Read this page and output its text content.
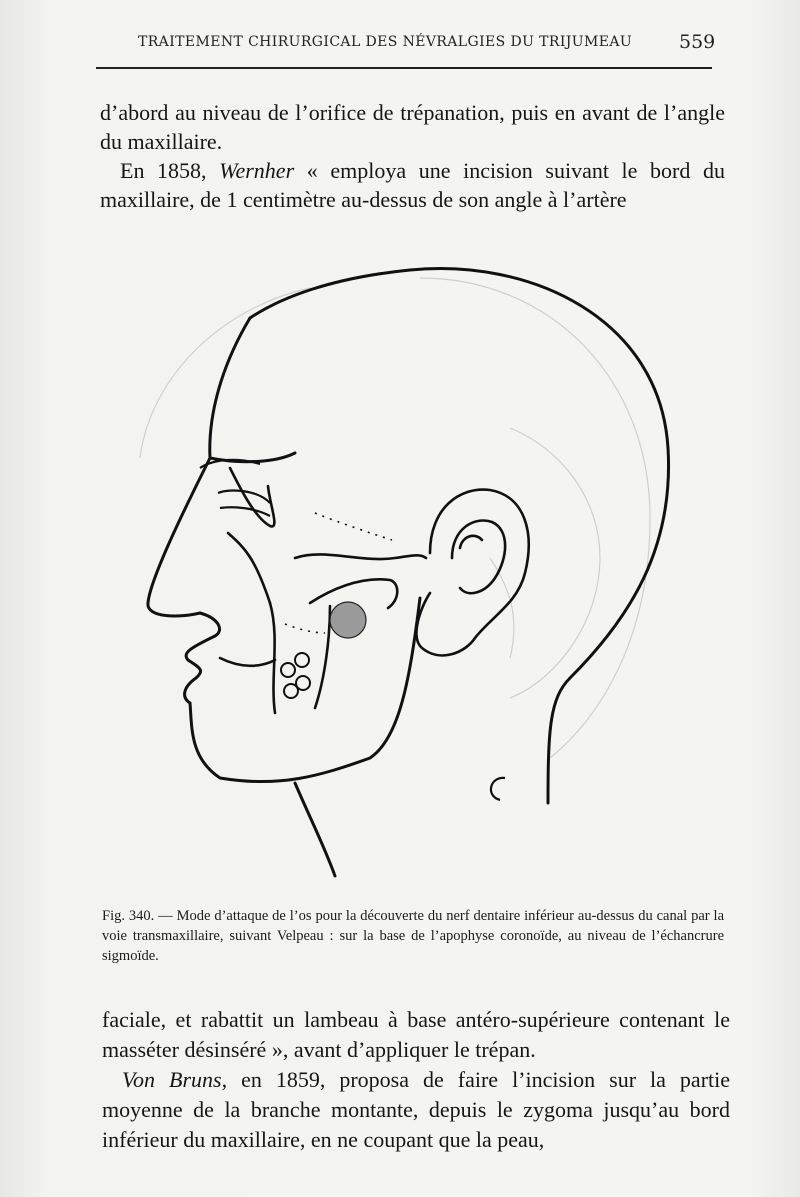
TRAITEMENT CHIRURGICAL DES NÉVRALGIES DU TRIJUMEAU 559

d’abord au niveau de l’orifice de trépanation, puis en avant de l’angle du maxillaire.

En 1858, Wernher « employa une incision suivant le bord du maxillaire, de 1 centimètre au-dessus de son angle à l’artère

Fig. 340. — Mode d’attaque de l’os pour la découverte du nerf dentaire inférieur au-dessus du canal par la voie transmaxillaire, suivant Velpeau : sur la base de l’apophyse coronoïde, au niveau de l’échancrure sigmoïde.

faciale, et rabattit un lambeau à base antéro-supérieure contenant le masséter désinséré », avant d’appliquer le trépan.

Von Bruns, en 1859, proposa de faire l’incision sur la partie moyenne de la branche montante, depuis le zygoma jusqu’au bord inférieur du maxillaire, en ne coupant que la peau,
